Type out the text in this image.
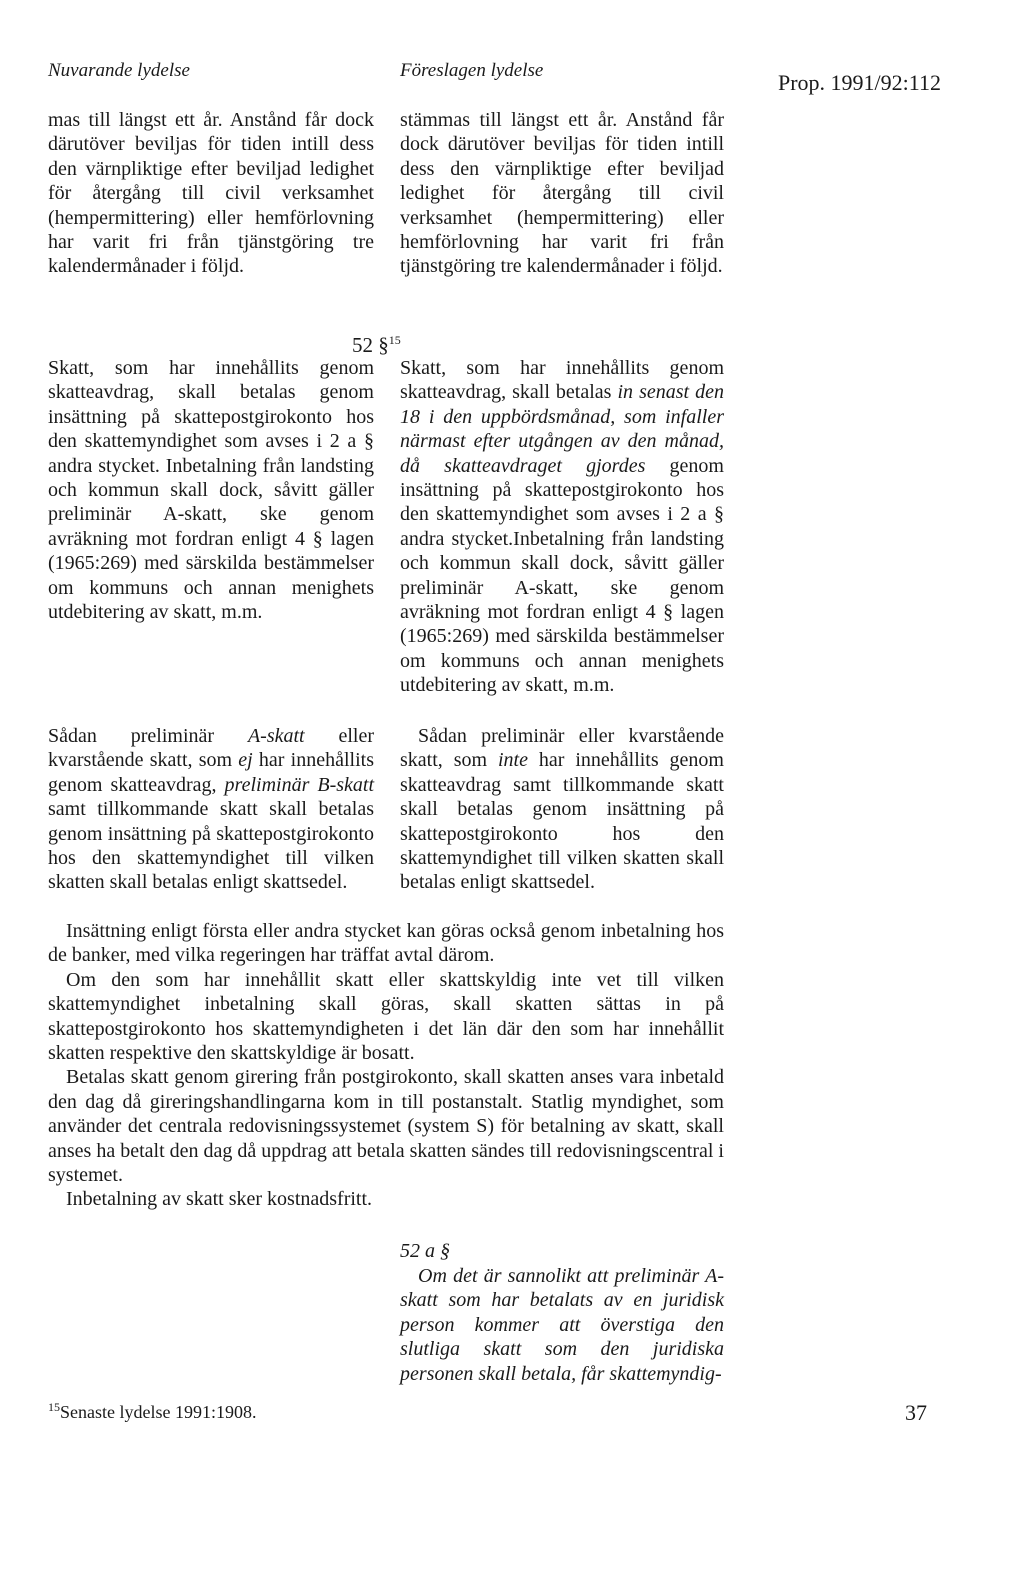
Nuvarande lydelse	Föreslagen lydelse	Prop. 1991/92:112
mas till längst ett år. Anstånd får dock därutöver beviljas för tiden intill dess den värnpliktige efter beviljad ledighet för återgång till civil verksamhet (hempermittering) eller hemförlovning har varit fri från tjänstgöring tre kalendermånader i följd.
stämmas till längst ett år. Anstånd får dock därutöver beviljas för tiden intill dess den värnpliktige efter beviljad ledighet för återgång till civil verksamhet (hempermittering) eller hemförlovning har varit fri från tjänstgöring tre kalendermånader i följd.
52 §$^{15}$
Skatt, som har innehållits genom skatteavdrag, skall betalas genom insättning på skattepostgirokonto hos den skattemyndighet som avses i 2 a § andra stycket. Inbetalning från landsting och kommun skall dock, såvitt gäller preliminär A-skatt, ske genom avräkning mot fordran enligt 4 § lagen (1965:269) med särskilda bestämmelser om kommuns och annan menighets utdebitering av skatt, m.m.
Skatt, som har innehållits genom skatteavdrag, skall betalas in senast den 18 i den uppbördsmånad, som infaller närmast efter utgången av den månad, då skatteavdraget gjordes genom insättning på skattepostgirokonto hos den skattemyndighet som avses i 2 a § andra stycket.Inbetalning från landsting och kommun skall dock, såvitt gäller preliminär A-skatt, ske genom avräkning mot fordran enligt 4 § lagen (1965:269) med särskilda bestämmelser om kommuns och annan menighets utdebitering av skatt, m.m.
Sådan preliminär A-skatt eller kvarstående skatt, som ej har innehållits genom skatteavdrag, preliminär B-skatt samt tillkommande skatt skall betalas genom insättning på skattepostgirokonto hos den skattemyndighet till vilken skatten skall betalas enligt skattsedel.
Sådan preliminär eller kvarstående skatt, som inte har innehållits genom skatteavdrag samt tillkommande skatt skall betalas genom insättning på skattepostgirokonto hos den skattemyndighet till vilken skatten skall betalas enligt skattsedel.

Insättning enligt första eller andra stycket kan göras också genom inbetalning hos de banker, med vilka regeringen har träffat avtal därom.

Om den som har innehållit skatt eller skattskyldig inte vet till vilken skattemyndighet inbetalning skall göras, skall skatten sättas in på skattepostgirokonto hos skattemyndigheten i det län där den som har innehållit skatten respektive den skattskyldige är bosatt.

Betalas skatt genom girering från postgirokonto, skall skatten anses vara inbetald den dag då gireringshandlingarna kom in till postanstalt. Statlig myndighet, som använder det centrala redovisningssystemet (system S) för betalning av skatt, skall anses ha betalt den dag då uppdrag att betala skatten sändes till redovisningscentral i systemet.

Inbetalning av skatt sker kostnadsfritt.

52 a §
Om det är sannolikt att preliminär A-skatt som har betalats av en juridisk person kommer att överstiga den slutliga skatt som den juridiska personen skall betala, får skattemyndig-
$^{15}$Senaste lydelse 1991:1908.	37
